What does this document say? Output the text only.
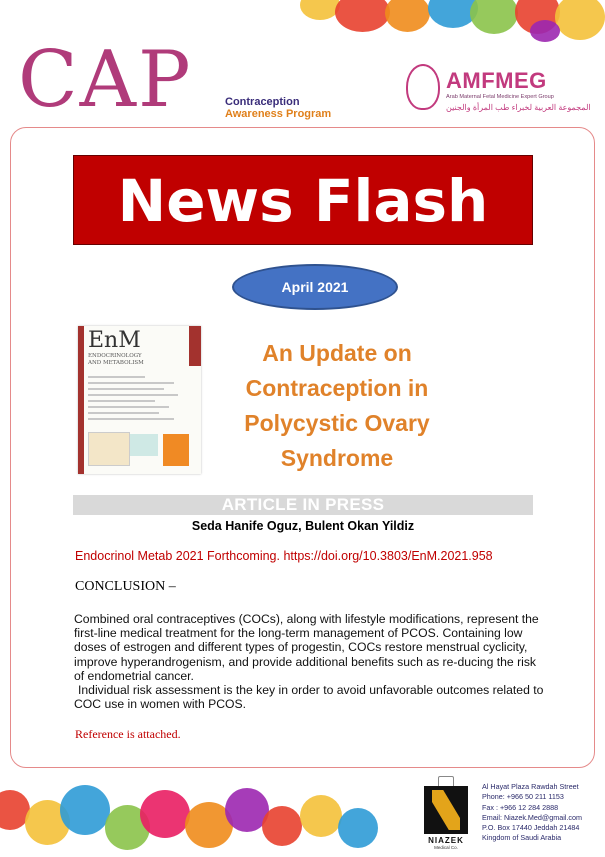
CAP	Contraception
Awareness Program
AMFMEG
Arab Maternal Fetal Medicine Expert Group
المجموعة العربية لخبراء طب المرأة والجنين
News Flash
April 2021
EnM
ENDOCRINOLOGY
AND METABOLISM	An Update on Contraception in Polycystic Ovary Syndrome
ARTICLE IN PRESS
Seda Hanife Oguz, Bulent Okan Yildiz
Endocrinol Metab 2021 Forthcoming. https://doi.org/10.3803/EnM.2021.958
CONCLUSION –

Combined oral contraceptives (COCs), along with lifestyle modifications, represent the first-line medical treatment for the long-term management of PCOS. Containing low doses of estrogen and different types of progestin, COCs restore menstrual cyclicity, improve hyperandrogenism, and provide additional benefits such as re-ducing the risk of endometrial cancer.

Individual risk assessment is the key in order to avoid unfavorable outcomes related to COC use in women with PCOS.

Reference is attached.
NIAZEK
Medical Co.
Al Hayat Plaza Rawdah Street
Phone: +966 50 211 1153
Fax : +966 12 284 2888
Email: Niazek.Med@gmail.com
P.O. Box 17440 Jeddah 21484
Kingdom of Saudi Arabia
